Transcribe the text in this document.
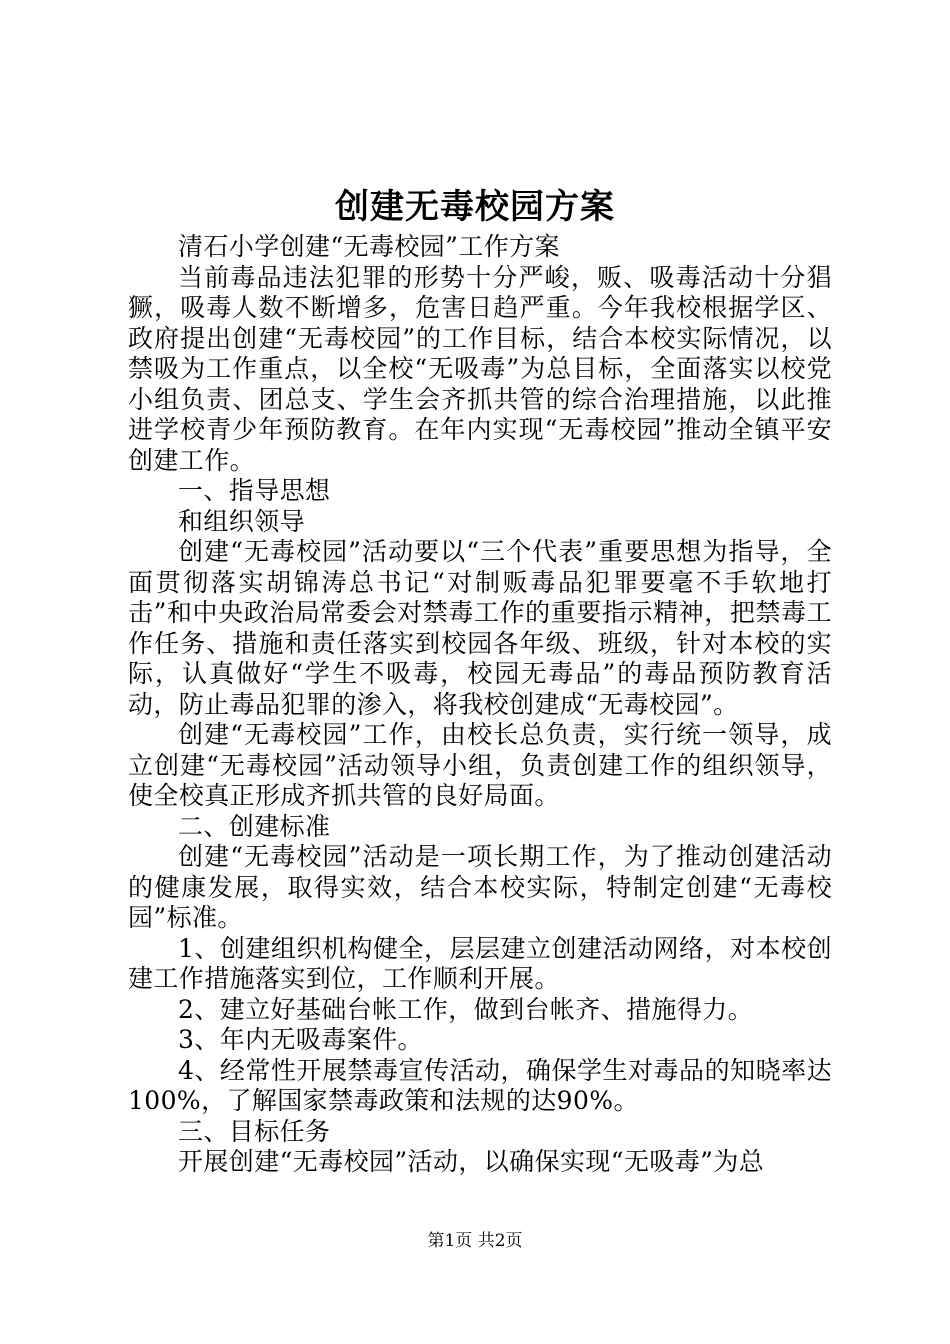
创建无毒校园方案

清石小学创建“无毒校园”工作方案

当前毒品违法犯罪的形势十分严峻，贩、吸毒活动十分猖獗，吸毒人数不断增多，危害日趋严重。今年我校根据学区、政府提出创建“无毒校园”的工作目标，结合本校实际情况，以禁吸为工作重点，以全校“无吸毒”为总目标，全面落实以校党小组负责、团总支、学生会齐抓共管的综合治理措施，以此推进学校青少年预防教育。在年内实现“无毒校园”推动全镇平安创建工作。

一、指导思想

和组织领导

创建“无毒校园”活动要以“三个代表”重要思想为指导，全面贯彻落实胡锦涛总书记“对制贩毒品犯罪要毫不手软地打击”和中央政治局常委会对禁毒工作的重要指示精神，把禁毒工作任务、措施和责任落实到校园各年级、班级，针对本校的实际，认真做好“学生不吸毒，校园无毒品”的毒品预防教育活动，防止毒品犯罪的渗入，将我校创建成“无毒校园”。

创建“无毒校园”工作，由校长总负责，实行统一领导，成立创建“无毒校园”活动领导小组，负责创建工作的组织领导，使全校真正形成齐抓共管的良好局面。

二、创建标准

创建“无毒校园”活动是一项长期工作，为了推动创建活动的健康发展，取得实效，结合本校实际，特制定创建“无毒校园”标准。

1、创建组织机构健全，层层建立创建活动网络，对本校创建工作措施落实到位，工作顺利开展。

2、建立好基础台帐工作，做到台帐齐、措施得力。

3、年内无吸毒案件。

4、经常性开展禁毒宣传活动，确保学生对毒品的知晓率达100%，了解国家禁毒政策和法规的达90%。

三、目标任务

开展创建“无毒校园”活动，以确保实现“无吸毒”为总

第1页 共2页
